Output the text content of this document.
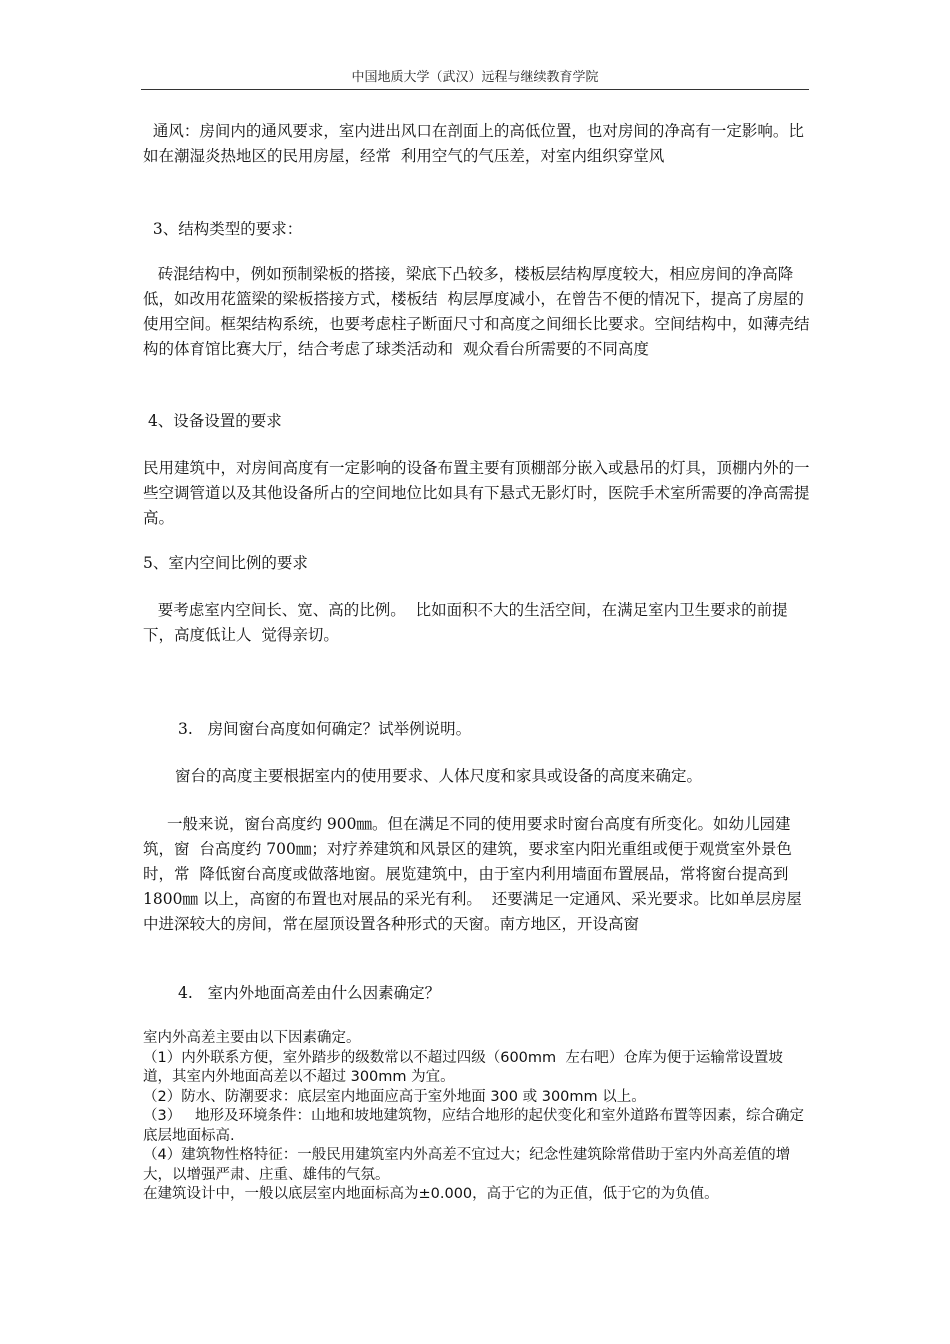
中国地质大学（武汉）远程与继续教育学院

通风：房间内的通风要求，室内进出风口在剖面上的高低位置，也对房间的净高有一定影响。比如在潮湿炎热地区的民用房屋，经常  利用空气的气压差，对室内组织穿堂风

3、结构类型的要求：

砖混结构中，例如预制梁板的搭接，梁底下凸较多，楼板层结构厚度较大，相应房间的净高降低，如改用花篮梁的梁板搭接方式，楼板结  构层厚度减小，在曾告不便的情况下，提高了房屋的使用空间。框架结构系统，也要考虑柱子断面尺寸和高度之间细长比要求。空间结构中，如薄壳结构的体育馆比赛大厅，结合考虑了球类活动和  观众看台所需要的不同高度

4、设备设置的要求

民用建筑中，对房间高度有一定影响的设备布置主要有顶棚部分嵌入或悬吊的灯具，顶棚内外的一些空调管道以及其他设备所占的空间地位比如具有下悬式无影灯时，医院手术室所需要的净高需提高。

5、室内空间比例的要求

要考虑室内空间长、宽、高的比例。  比如面积不大的生活空间，在满足室内卫生要求的前提下，高度低让人  觉得亲切。

3.   房间窗台高度如何确定？试举例说明。

窗台的高度主要根据室内的使用要求、人体尺度和家具或设备的高度来确定。

一般来说，窗台高度约 900㎜。但在满足不同的使用要求时窗台高度有所变化。如幼儿园建筑，窗  台高度约 700㎜；对疗养建筑和风景区的建筑，要求室内阳光重组或便于观赏室外景色时，常  降低窗台高度或做落地窗。展览建筑中，由于室内利用墙面布置展品，常将窗台提高到  1800㎜ 以上，高窗的布置也对展品的采光有利。  还要满足一定通风、采光要求。比如单层房屋中进深较大的房间，常在屋顶设置各种形式的天窗。南方地区，开设高窗

4.   室内外地面高差由什么因素确定？

室内外高差主要由以下因素确定。

（1）内外联系方便，室外踏步的级数常以不超过四级（600mm  左右吧）仓库为便于运输常设置坡道，其室内外地面高差以不超过 300mm 为宜。

（2）防水、防潮要求：底层室内地面应高于室外地面 300 或 300mm 以上。

（3）   地形及环境条件：山地和坡地建筑物，应结合地形的起伏变化和室外道路布置等因素，综合确定底层地面标高.

（4）建筑物性格特征：一般民用建筑室内外高差不宜过大；纪念性建筑除常借助于室内外高差值的增大，以增强严肃、庄重、雄伟的气氛。

在建筑设计中，一般以底层室内地面标高为±0.000，高于它的为正值，低于它的为负值。
